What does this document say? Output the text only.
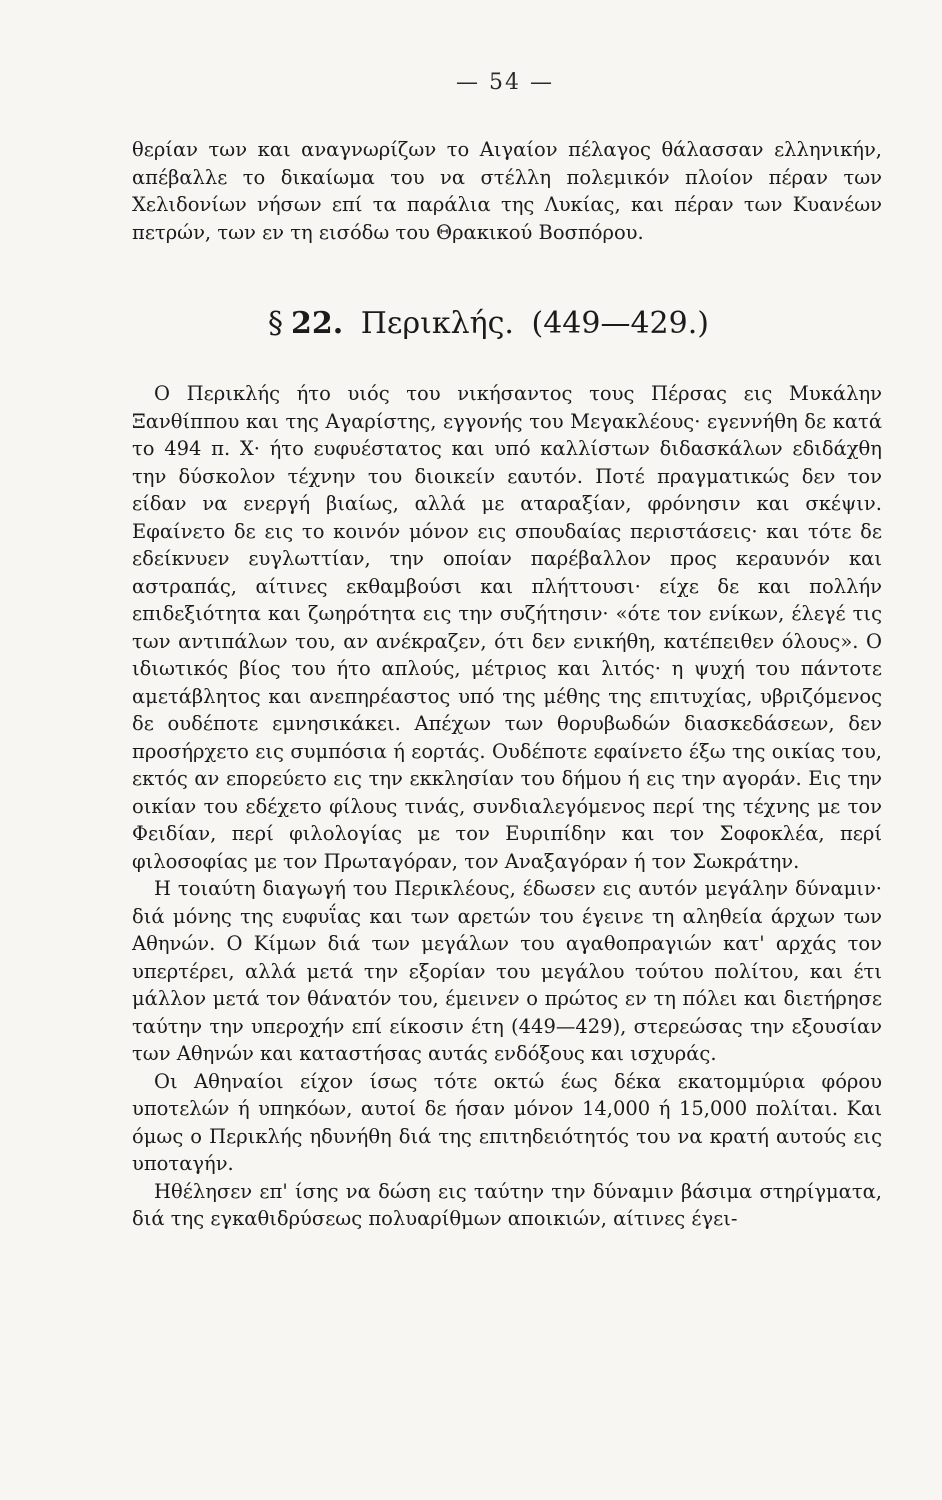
— 54 —
θερίαν των και αναγνωρίζων το Αιγαίον πέλαγος θάλασσαν ελληνικήν, απέβαλλε το δικαίωμα του να στέλλη πολεμικόν πλοίον πέραν των Χελιδονίων νήσων επί τα παράλια της Λυκίας, και πέραν των Κυανέων πετρών, των εν τη εισόδω του Θρακικού Βοσπόρου.
§ 22. Περικλής. (449—429.)

Ο Περικλής ήτο υιός του νικήσαντος τους Πέρσας εις Μυκάλην Ξανθίππου και της Αγαρίστης, εγγονής του Μεγακλέους· εγεννήθη δε κατά το 494 π. Χ· ήτο ευφυέστατος και υπό καλλίστων διδασκάλων εδιδάχθη την δύσκολον τέχνην του διοικείν εαυτόν. Ποτέ πραγματικώς δεν τον είδαν να ενεργή βιαίως, αλλά με αταραξίαν, φρόνησιν και σκέψιν. Εφαίνετο δε εις το κοινόν μόνον εις σπουδαίας περιστάσεις· και τότε δε εδείκνυεν ευγλωττίαν, την οποίαν παρέβαλλον προς κεραυνόν και αστραπάς, αίτινες εκθαμβούσι και πλήττουσι· είχε δε και πολλήν επιδεξιότητα και ζωηρότητα εις την συζήτησιν· «ότε τον ενίκων, έλεγέ τις των αντιπάλων του, αν ανέκραζεν, ότι δεν ενικήθη, κατέπειθεν όλους». Ο ιδιωτικός βίος του ήτο απλούς, μέτριος και λιτός· η ψυχή του πάντοτε αμετάβλητος και ανεπηρέαστος υπό της μέθης της επιτυχίας, υβριζόμενος δε ουδέποτε εμνησικάκει. Απέχων των θορυβωδών διασκεδάσεων, δεν προσήρχετο εις συμπόσια ή εορτάς. Ουδέποτε εφαίνετο έξω της οικίας του, εκτός αν επορεύετο εις την εκκλησίαν του δήμου ή εις την αγοράν. Εις την οικίαν του εδέχετο φίλους τινάς, συνδιαλεγόμενος περί της τέχνης με τον Φειδίαν, περί φιλολογίας με τον Ευριπίδην και τον Σοφοκλέα, περί φιλοσοφίας με τον Πρωταγόραν, τον Αναξαγόραν ή τον Σωκράτην.

Η τοιαύτη διαγωγή του Περικλέους, έδωσεν εις αυτόν μεγάλην δύναμιν· διά μόνης της ευφυΐας και των αρετών του έγεινε τη αληθεία άρχων των Αθηνών. Ο Κίμων διά των μεγάλων του αγαθοπραγιών κατ' αρχάς τον υπερτέρει, αλλά μετά την εξορίαν του μεγάλου τούτου πολίτου, και έτι μάλλον μετά τον θάνατόν του, έμεινεν ο πρώτος εν τη πόλει και διετήρησε ταύτην την υπεροχήν επί είκοσιν έτη (449—429), στερεώσας την εξουσίαν των Αθηνών και καταστήσας αυτάς ενδόξους και ισχυράς.

Οι Αθηναίοι είχον ίσως τότε οκτώ έως δέκα εκατομμύρια φόρου υποτελών ή υπηκόων, αυτοί δε ήσαν μόνον 14,000 ή 15,000 πολίται. Και όμως ο Περικλής ηδυνήθη διά της επιτηδειότητός του να κρατή αυτούς εις υποταγήν.

Ηθέλησεν επ' ίσης να δώση εις ταύτην την δύναμιν βάσιμα στηρίγματα, διά της εγκαθιδρύσεως πολυαρίθμων αποικιών, αίτινες έγει-
